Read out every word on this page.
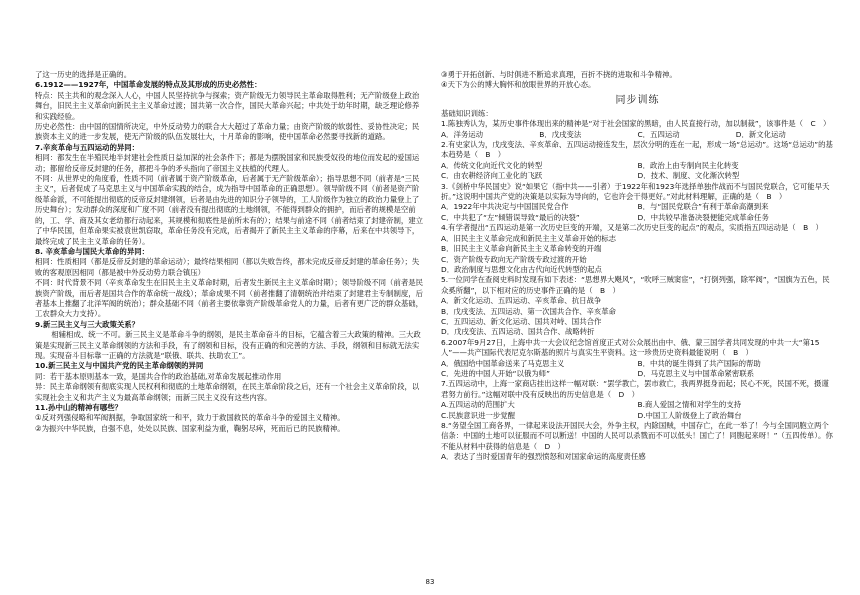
了这一历史的选择是正确的。

6.1912——1927年，中国革命发展的特点及其形成的历史必然性：

特点：民主共和的观念深入人心，中国人民坚持抗争与探索；资产阶级无力领导民主革命取得胜利；无产阶级登上政治舞台，旧民主主义革命向新民主主义革命过渡；国共第一次合作，国民大革命兴起；中共处于幼年时期，缺乏理论修养和实践经验。

历史必然性：由中国的国情所决定，中外反动势力的联合大大超过了革命力量；由资产阶级的软弱性、妥协性决定；民族资本主义的进一步发展，使无产阶级的队伍发展壮大，十月革命的影响，使中国革命必然要寻找新的道路。

7.辛亥革命与五四运动的异同：

相同：都发生在半殖民地半封建社会性质日益加深的社会条件下；都是为摆脱国家和民族受奴役的地位而发起的爱国运动；都留给反帝反封建的任务，都把斗争的矛头指向了帝国主义扶植的代理人。

不同：从世界史的角度看，性质不同（前者属于资产阶级革命，后者属于无产阶级革命）；指导思想不同（前者是“三民主义”，后者促成了马克思主义与中国革命实践的结合，成为指导中国革命的正确思想）。领导阶级不同（前者是资产阶级革命派，不可能提出彻底的反帝反封建纲领，后者是由先进的知识分子领导的，工人阶级作为独立的政治力量登上了历史舞台）；发动群众的深度和广度不同（前者没有提出彻底的土地纲领，不能得到群众的拥护，而后者的规模是空前的，工、学、商及其女老幼都行动起来，其规模和彻底性是前所未有的）；结果与前途不同（前者结束了封建帝制，建立了中华民国，但革命果实被袁世凯窃取，革命任务没有完成，后者揭开了新民主主义革命的序幕，后来在中共领导下，最终完成了民主主义革命的任务）。

8. 辛亥革命与国民大革命的异同：

相同：性质相同（都是反帝反封建的革命运动）；最终结果相同（都以失败告终，都未完成反帝反封建的革命任务）；失败的客观原因相同（都是被中外反动势力联合镇压）

不同：时代背景不同（辛亥革命发生在旧民主主义革命时期，后者发生新民主主义革命时期）；领导阶级不同（前者是民族资产阶级，而后者是国共合作的革命统一战线）；革命成果不同（前者推翻了清朝统治并结束了封建君主专制制度，后者基本上推翻了北洋军阀的统治）；群众基础不同（前者主要依靠资产阶级革命党人的力量，后者有更广泛的群众基础，工农群众大力支持）。

9.新三民主义与三大政策关系？

相辅相成、统一不可。新三民主义是革命斗争的纲领，是民主革命奋斗的目标，它蕴含着三大政策的精神。三大政策是实现新三民主义革命纲领的方法和手段，有了纲领和目标，没有正确的和完善的方法、手段，纲领和目标就无法实现。实现奋斗目标靠一正确的方法就是“联俄、联共、扶助农工”。

10.新三民主义与中国共产党的民主革命纲领的异同

同：若干基本原则基本一致，是国共合作的政治基础,对革命发展起推动作用

异：民主革命纲领有彻底实现人民权利和彻底的土地革命纲领，在民主革命阶段之后，还有一个社会主义革命阶段，以实现社会主义和共产主义为最高革命纲领；而新三民主义没有这些内容。

11.孙中山的精神有哪些？

①反对列强侵略和军阀割据，争取国家统一和平，致力于救国救民的革命斗争的爱国主义精神。

②为振兴中华民族，自强不息，处处以民族、国家利益为重，鞠躬尽瘁，死而后已的民族精神。

③勇于开拓创新、与时俱进不断追求真理，百折不挠的进取和斗争精神。

④天下为公的博大胸怀和放眼世界的开放心态。

同步训练

基础知识训练：

1.陈独秀认为，某历史事件体现出来的精神是“对于社会国家的黑暗，由人民直接行动，加以制裁”，该事件是（　C　）

A．洋务运动	B．戊戌变法	C．五四运动	D．新文化运动

2.有史家认为，戊戌变法、辛亥革命、五四运动接连发生，层次分明的连在一起，形成一场“总运动”。这场“总运动”的基本趋势是（　B　）

A．传统文化向近代文化的转型	B．政治上由专制向民主化转变
C．由农耕经济向工业化的飞跃	D．技术、制度、文化渐次转型

3.《剑桥中华民国史》说“如果它（指中共——引者）于1922年和1923年选择单独作战而不与国民党联合，它可能早夭折。”这说明中国共产党的决策是以实际为导向的，它也许会干得更好。”对此材料理解，正确的是（　B　）

A．1922年中共决定与中国国民党合作	B．与“国民党联合”有利于革命高潮到来
C．中共犯了“左”倾错误导致“最后的决裂”	D．中共较早准备决裂便能完成革命任务

4.有学者提出“五四运动是第一次历史巨变的开端，又是第二次历史巨变的起点”的观点，实质指五四运动是（　B　）

A．旧民主主义革命完成和新民主主义革命开始的标志
B．旧民主主义革命向新民主主义革命转变的开端
C．资产阶级专政向无产阶级专政过渡的开始
D．政治制度与思想文化由古代向近代转型的起点

5.一位同学在查阅史料时发现有如下表述：“思想界大飓风”，“吹呼三贼窦宦”，“打倒列强，除军阀”，“国旗为五色，民众奚所翻”，以下相对应的历史事件正确的是（　B　）

A．新文化运动、五四运动、辛亥革命、抗日战争
B．戊戌变法、五四运动、第一次国共合作、辛亥革命
C．五四运动、新文化运动、国共对峙、国共合作
D．戊戌变法、五四运动、国共合作、战略转折

6.2007年9月27日，上海中共一大会议纪念馆首度正式对公众展出由中、俄、蒙三国学者共同发现的中共一大“第15人”——共产国际代表尼克尔斯基的照片与真实生平资料。这一珍贵历史资料最能说明（　B　）

A．俄国给中国革命送来了马克思主义	B．中共的诞生得到了共产国际的帮助
C．先进的中国人开始“以俄为师”	D．马克思主义与中国革命紧密联系

7.五四运动中，上海一家商店挂出这样一幅对联：“罢学教亡，罢市救亡，我两界挺身而起；民心不死，民国不死，摄谨君努力前行。”这幅对联中没有反映出的历史信息是（　D　）

A.五四运动的范围扩大	B.商人爱国之情和对学生的支持
C.民族意识进一步觉醒	D.中国工人阶级登上了政治舞台

8.“务望全国工商各界，一律起来设法开国民大会，外争主权，内除国贼，中国存亡，在此一举了！今与全国同胞立两个信条：中国的土地可以征服而不可以断送！中国的人民可以杀戮而不可以低头！国亡了！同胞起来呀！”（五四传单）。你不能从材料中获得的信息是（　D　）

A．表达了当时爱国青年的强烈愤怒和对国家命运的高度责任感
83
